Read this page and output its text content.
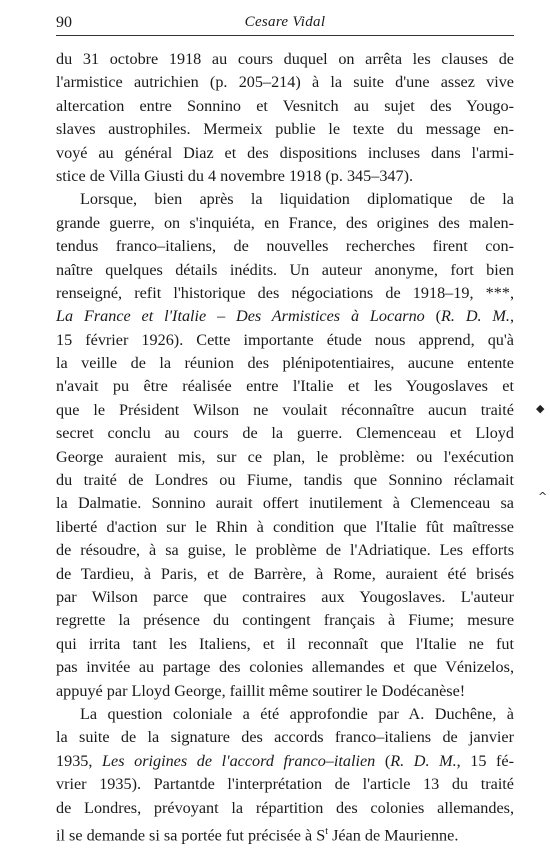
90	Cesare Vidal
du 31 octobre 1918 au cours duquel on arrêta les clauses de
l'armistice autrichien (p. 205–214) à la suite d'une assez vive
altercation entre Sonnino et Vesnitch au sujet des Yougo-
slaves austrophiles. Mermeix publie le texte du message en-
voyé au général Diaz et des dispositions incluses dans l'armi-
stice de Villa Giusti du 4 novembre 1918 (p. 345–347).
Lorsque, bien après la liquidation diplomatique de la
grande guerre, on s'inquiéta, en France, des origines des malen-
tendus franco–italiens, de nouvelles recherches firent con-
naître quelques détails inédits. Un auteur anonyme, fort bien
renseigné, refit l'historique des négociations de 1918–19, ***,
La France et l'Italie – Des Armistices à Locarno (R. D. M.,
15 février 1926). Cette importante étude nous apprend, qu'à
la veille de la réunion des plénipotentiaires, aucune entente
n'avait pu être réalisée entre l'Italie et les Yougoslaves et
que le Président Wilson ne voulait réconnaître aucun traité
secret conclu au cours de la guerre. Clemenceau et Lloyd
George auraient mis, sur ce plan, le problème: ou l'exécution
du traité de Londres ou Fiume, tandis que Sonnino réclamait
la Dalmatie. Sonnino aurait offert inutilement à Clemenceau sa
liberté d'action sur le Rhin à condition que l'Italie fût maîtresse
de résoudre, à sa guise, le problème de l'Adriatique. Les efforts
de Tardieu, à Paris, et de Barrère, à Rome, auraient été brisés
par Wilson parce que contraires aux Yougoslaves. L'auteur
regrette la présence du contingent français à Fiume; mesure
qui irrita tant les Italiens, et il reconnaît que l'Italie ne fut
pas invitée au partage des colonies allemandes et que Vénizelos,
appuyé par Lloyd George, faillit même soutirer le Dodécanèse!
La question coloniale a été approfondie par A. Duchêne, à
la suite de la signature des accords franco–italiens de janvier
1935, Les origines de l'accord franco–italien (R. D. M., 15 fé-
vrier 1935). Partantde l'interprétation de l'article 13 du traité
de Londres, prévoyant la répartition des colonies allemandes,
il se demande si sa portée fut précisée à $S^t$ Jéan de Maurienne.
◆
^
